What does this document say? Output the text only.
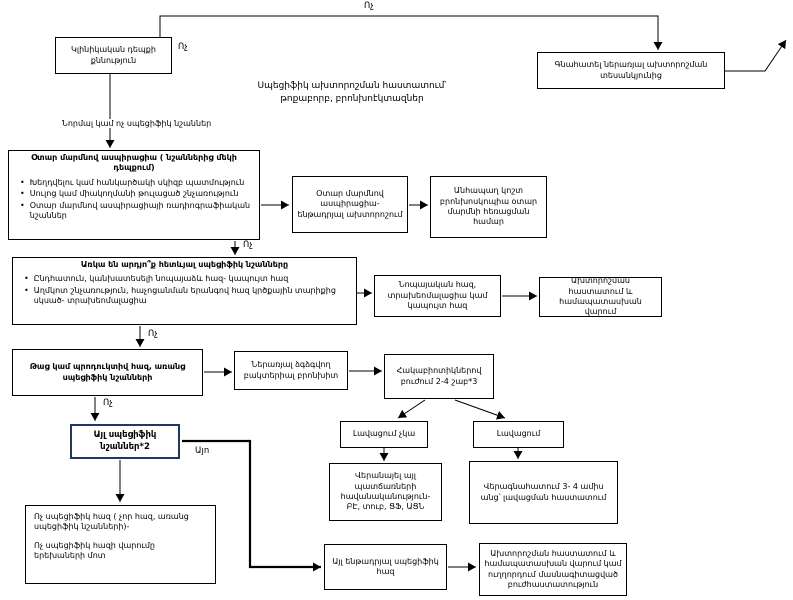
Ոչ
Ոչ
Նորմալ կամ ոչ սպեցիֆիկ նշաններ
Ոչ
Ոչ
Ոչ
Այո
Սպեցիֆիկ ախտորոշման հաստատում՝
թոքաբորբ, բրոնխոէկտազներ
Կլինիկական դեպքի քննություն
Գնահատել ներառյալ ախտորոշման տեսանկյունից
Օտար մարմնով ասպիրացիա ( նշաններից մեկի դեպքում)
• Խեղդվելու կամ հանկարծակի սկիզբ պատմություն
• Սուլոց կամ միակողմանի թուլացած շնչառություն
• Օտար մարմնով ասպիրացիայի ռադիոգրաֆիական նշաններ
Օտար մարմնով ասպիրացիա- ենթադրյալ ախտորոշում
Անհապաղ կոշտ բրոնխոսկոպիա օտար մարմնի հեռացման համար
Առկա են արդյո՞ք հետևյալ սպեցիֆիկ նշանները
• Ընդհատուն, կանխատեսելի նոպայաձև հազ- կապույտ հազ
• Աղմկոտ շնչառություն, հաչոցանման երանգով հազ կրծքային տարիքից սկսած- տրախեոմալացիա
Նոպայական հազ, տրախեոմալացիա կամ կապույտ հազ
Ախտորոշման հաստատում և համապատասխան վարում
Թաց կամ պրոդուկտիվ հազ, առանց սպեցիֆիկ նշանների
Ներառյալ ձգձգվող բակտերիալ բրոնխիտ	Հակաբիոտիկներով բուժում 2-4 շաբ*3
Լավացում չկա	Լավացում
Վերանայել այլ պատճառների հավանականություն- ԲԷ, տուբ, ՑՖ, ԱՑՆ
Վերագնահատում 3- 4 ամիս անց՝ լավացման հաստատում
Այլ սպեցիֆիկ նշաններ*2
Ոչ սպեցիֆիկ հազ ( չոր հազ, առանց սպեցիֆիկ նշանների)-
Ոչ սպեցիֆիկ հազի վարումը երեխաների մոտ
Այլ ենթադրյալ սպեցիֆիկ հազ
Ախտորոշման հաստատում և համապատասխան վարում կամ ուղղորդում մասնագիտացված բուժհաստատություն
